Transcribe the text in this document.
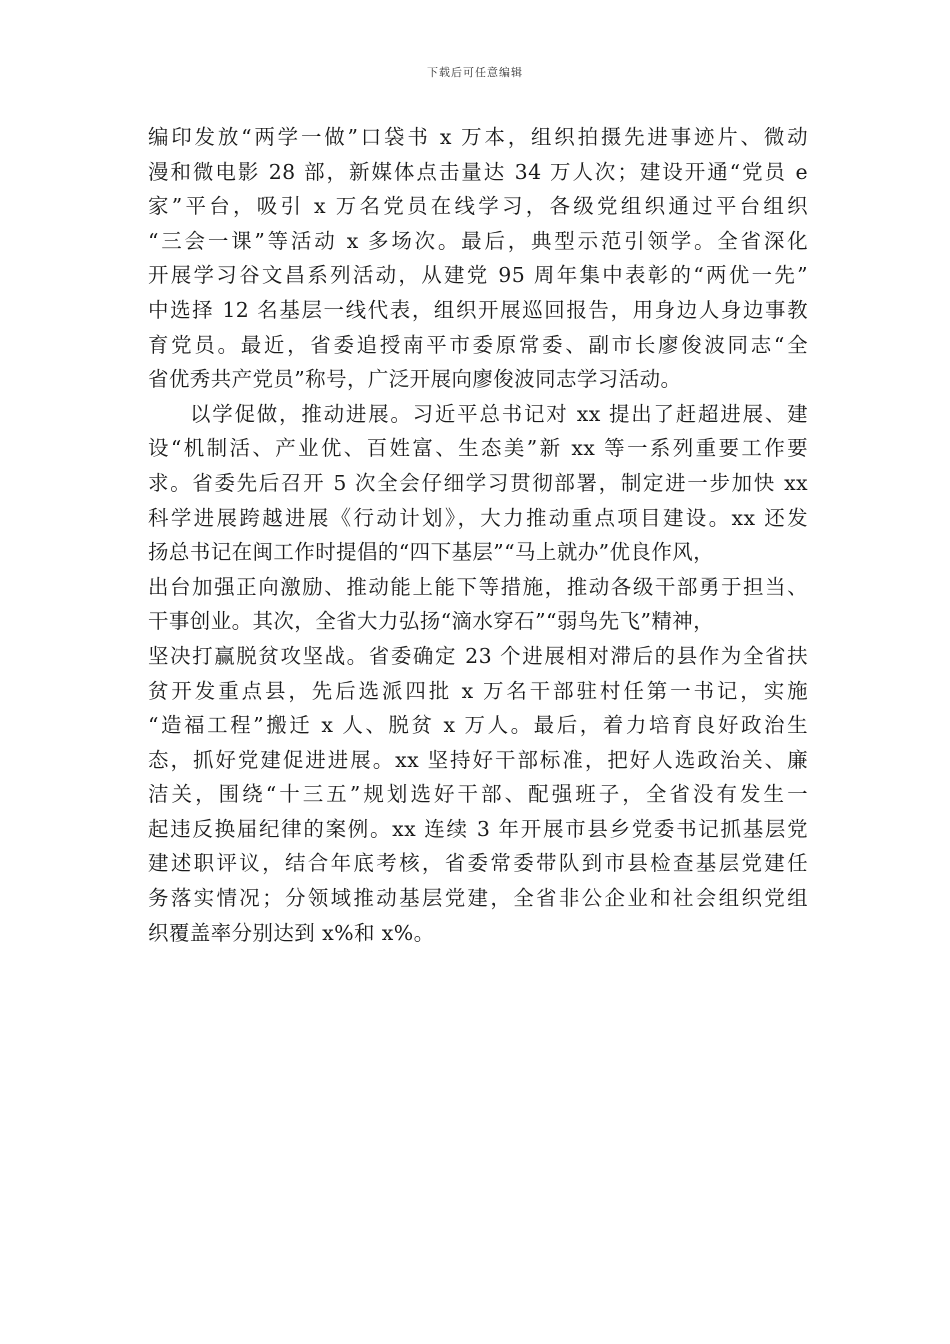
下载后可任意编辑
编印发放“两学一做”口袋书 x 万本，组织拍摄先进事迹片、微动
漫和微电影 28 部，新媒体点击量达 34 万人次；建设开通“党员 e
家”平台，吸引 x 万名党员在线学习，各级党组织通过平台组织
“三会一课”等活动 x 多场次。最后，典型示范引领学。全省深化
开展学习谷文昌系列活动，从建党 95 周年集中表彰的“两优一先”
中选择 12 名基层一线代表，组织开展巡回报告，用身边人身边事教
育党员。最近，省委追授南平市委原常委、副市长廖俊波同志“全
省优秀共产党员”称号，广泛开展向廖俊波同志学习活动。
以学促做，推动进展。习近平总书记对 xx 提出了赶超进展、建
设“机制活、产业优、百姓富、生态美”新 xx 等一系列重要工作要
求。省委先后召开 5 次全会仔细学习贯彻部署，制定进一步加快 xx
科学进展跨越进展《行动计划》，大力推动重点项目建设。xx 还发
扬总书记在闽工作时提倡的“四下基层”“马上就办”优良作风，
出台加强正向激励、推动能上能下等措施，推动各级干部勇于担当、
干事创业。其次，全省大力弘扬“滴水穿石”“弱鸟先飞”精神，
坚决打赢脱贫攻坚战。省委确定 23 个进展相对滞后的县作为全省扶
贫开发重点县，先后选派四批 x 万名干部驻村任第一书记，实施
“造福工程”搬迁 x 人、脱贫 x 万人。最后，着力培育良好政治生
态，抓好党建促进进展。xx 坚持好干部标准，把好人选政治关、廉
洁关，围绕“十三五”规划选好干部、配强班子，全省没有发生一
起违反换届纪律的案例。xx 连续 3 年开展市县乡党委书记抓基层党
建述职评议，结合年底考核，省委常委带队到市县检查基层党建任
务落实情况；分领域推动基层党建，全省非公企业和社会组织党组
织覆盖率分别达到 x%和 x%。
